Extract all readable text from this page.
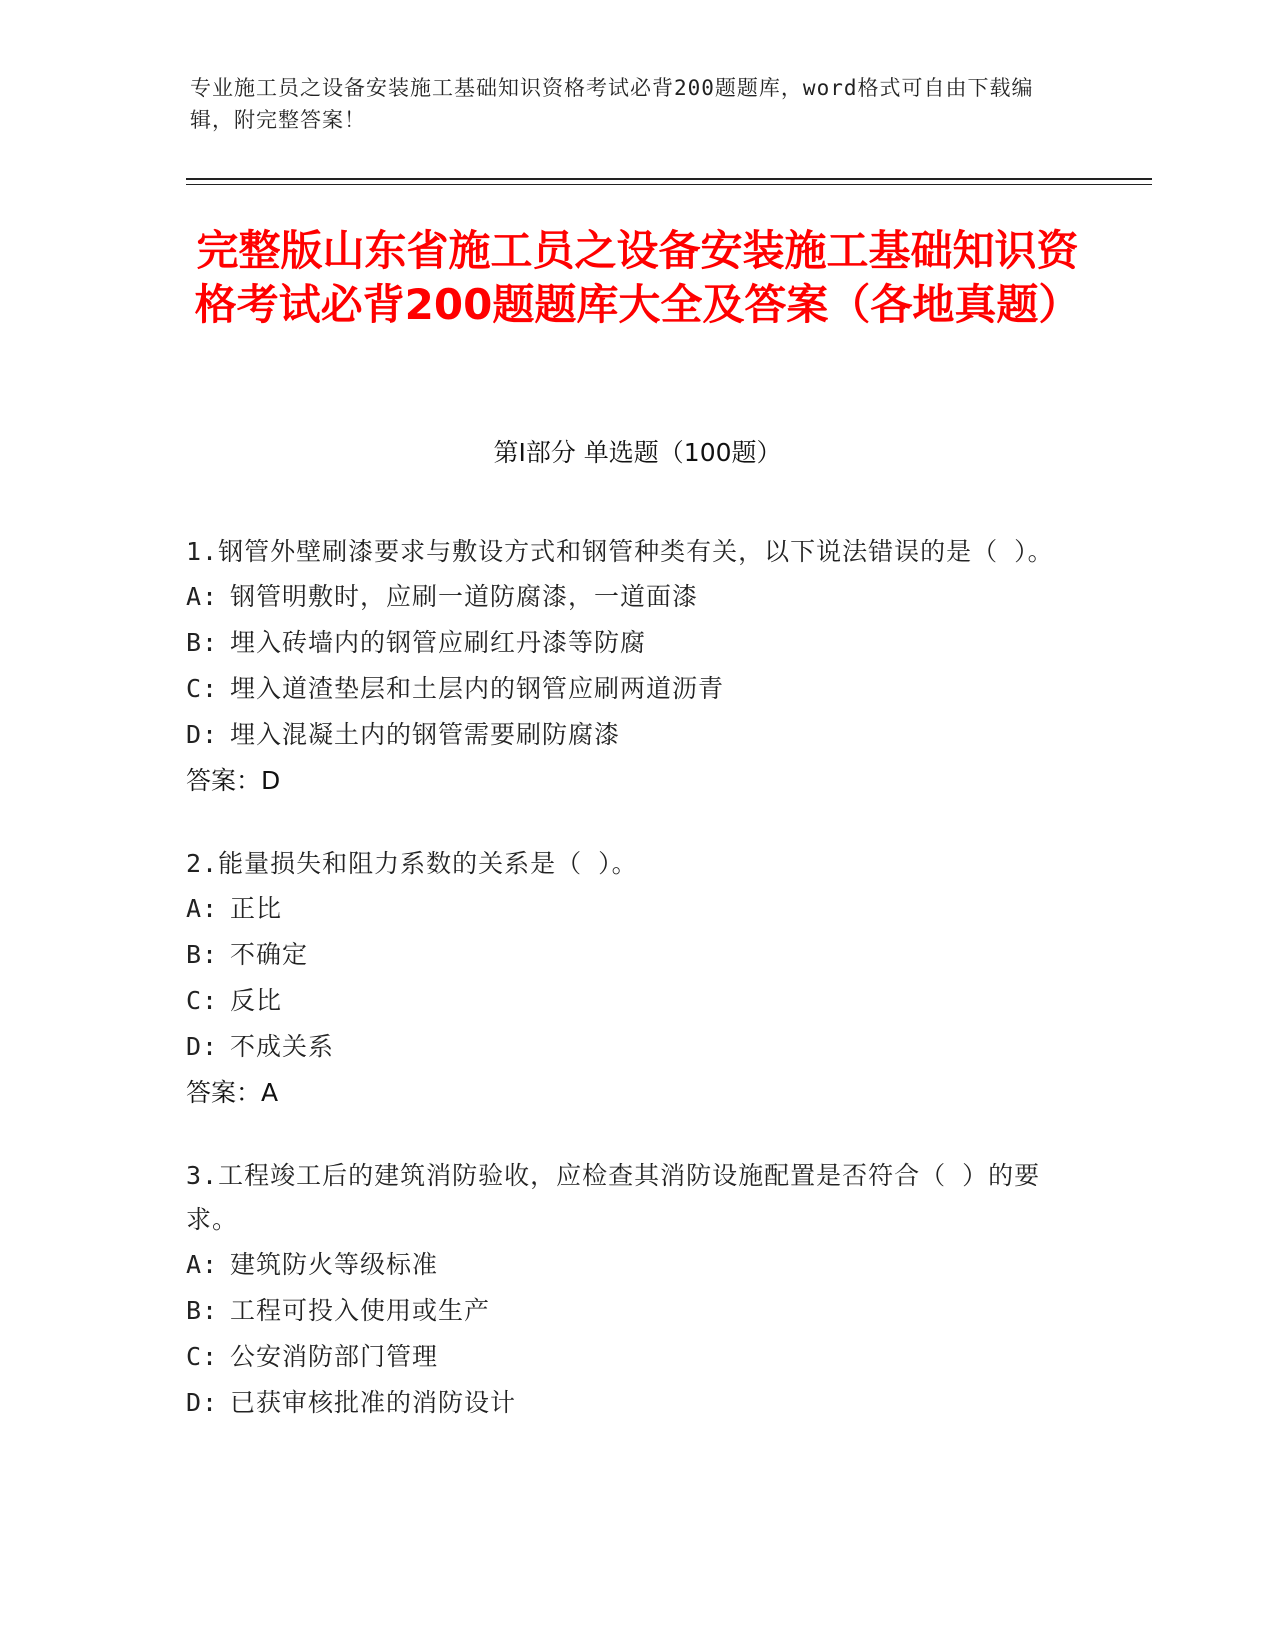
专业施工员之设备安装施工基础知识资格考试必背200题题库，word格式可自由下载编辑，附完整答案！
完整版山东省施工员之设备安装施工基础知识资格考试必背200题题库大全及答案（各地真题）
第Ⅰ部分 单选题（100题）
1.钢管外壁刷漆要求与敷设方式和钢管种类有关，以下说法错误的是（ ）。
A: 钢管明敷时，应刷一道防腐漆，一道面漆
B: 埋入砖墙内的钢管应刷红丹漆等防腐
C: 埋入道渣垫层和土层内的钢管应刷两道沥青
D: 埋入混凝土内的钢管需要刷防腐漆
答案：D
2.能量损失和阻力系数的关系是（ ）。
A: 正比
B: 不确定
C: 反比
D: 不成关系
答案：A
3.工程竣工后的建筑消防验收，应检查其消防设施配置是否符合（ ）的要求。
A: 建筑防火等级标准
B: 工程可投入使用或生产
C: 公安消防部门管理
D: 已获审核批准的消防设计
